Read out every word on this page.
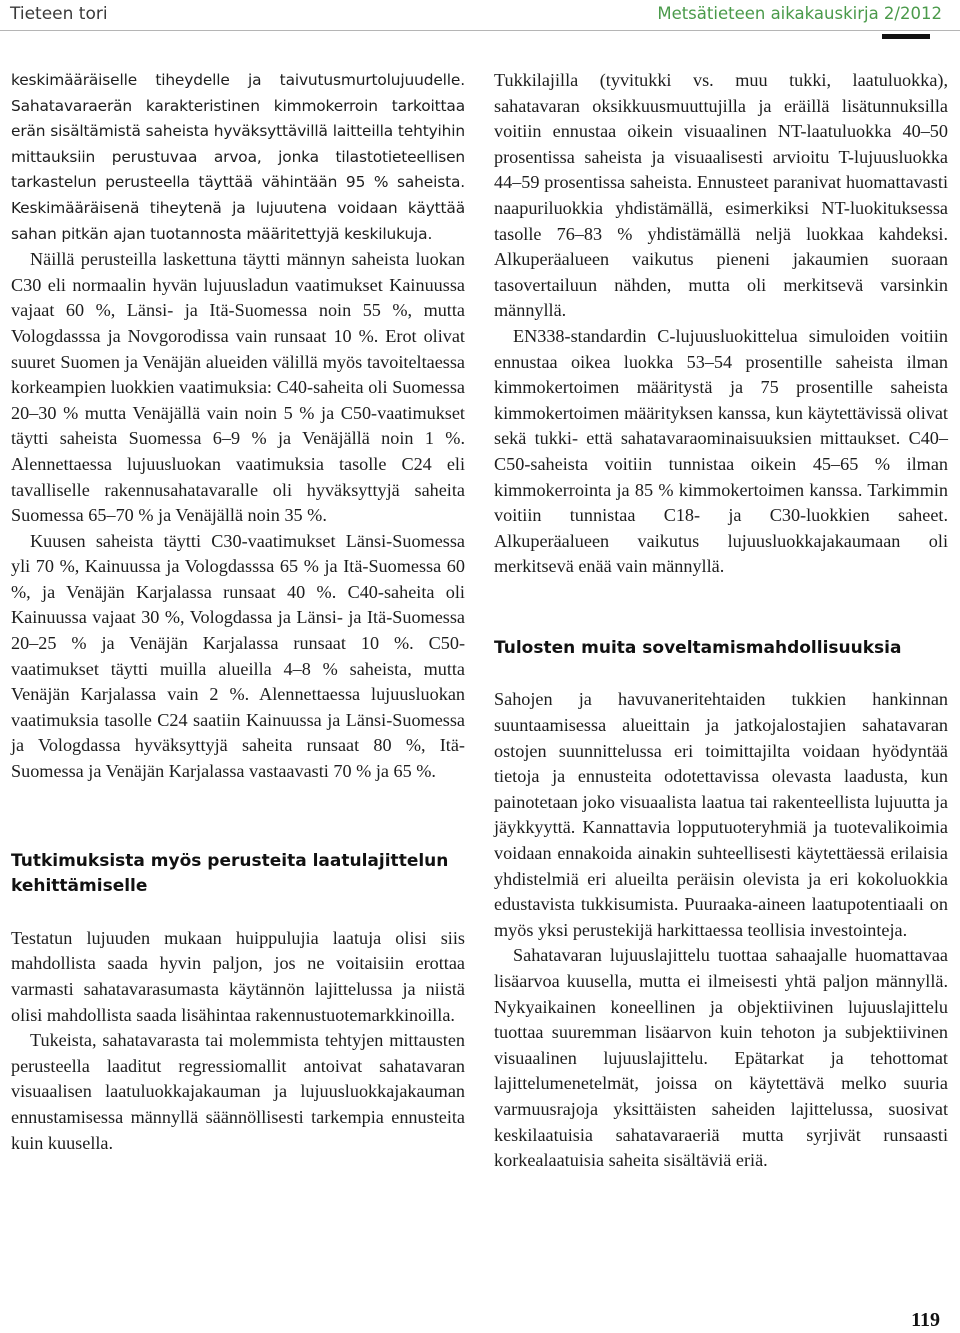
Tieteen tori	Metsätieteen aikakauskirja 2/2012

keskimääräiselle tiheydelle ja taivutusmurtolujuudelle. Sahatavaraerän karakteristinen kimmokerroin tarkoittaa erän sisältämistä saheista hyväksyttävillä laitteilla tehtyihin mittauksiin perustuvaa arvoa, jonka tilastotieteellisen tarkastelun perusteella täyttää vähintään 95 % saheista. Keskimääräisenä tiheytenä ja lujuutena voidaan käyttää sahan pitkän ajan tuotannosta määritettyjä keskilukuja.

Näillä perusteilla laskettuna täytti männyn saheista luokan C30 eli normaalin hyvän lujuusladun vaatimukset Kainuussa vajaat 60 %, Länsi- ja Itä-Suomessa noin 55 %, mutta Vologdasssa ja Novgorodissa vain runsaat 10 %. Erot olivat suuret Suomen ja Venäjän alueiden välillä myös tavoiteltaessa korkeampien luokkien vaatimuksia: C40-saheita oli Suomessa 20–30 % mutta Venäjällä vain noin 5 % ja C50-vaatimukset täytti saheista Suomessa 6–9 % ja Venäjällä noin 1 %. Alennettaessa lujuusluokan vaatimuksia tasolle C24 eli tavalliselle rakennusahatavaralle oli hyväksyttyjä saheita Suomessa 65–70 % ja Venäjällä noin 35 %.

Kuusen saheista täytti C30-vaatimukset Länsi-Suomessa yli 70 %, Kainuussa ja Vologdasssa 65 % ja Itä-Suomessa 60 %, ja Venäjän Karjalassa runsaat 40 %. C40-saheita oli Kainuussa vajaat 30 %, Vologdassa ja Länsi- ja Itä-Suomessa 20–25 % ja Venäjän Karjalassa runsaat 10 %. C50-vaatimukset täytti muilla alueilla 4–8 % saheista, mutta Venäjän Karjalassa vain 2 %. Alennettaessa lujuusluokan vaatimuksia tasolle C24 saatiin Kainuussa ja Länsi-Suomessa ja Vologdassa hyväksyttyjä saheita runsaat 80 %, Itä-Suomessa ja Venäjän Karjalassa vastaavasti 70 % ja 65 %.

Tutkimuksista myös perusteita laatulajittelun kehittämiselle

Testatun lujuuden mukaan huippulujia laatuja olisi siis mahdollista saada hyvin paljon, jos ne voitaisiin erottaa varmasti sahatavarasumasta käytännön lajittelussa ja niistä olisi mahdollista saada lisähintaa rakennustuotemarkkinoilla.

Tukeista, sahatavarasta tai molemmista tehtyjen mittausten perusteella laaditut regressiomallit antoivat sahatavaran visuaalisen laatuluokkajakauman ja lujuusluokkajakauman ennustamisessa männyllä säännöllisesti tarkempia ennusteita kuin kuusella.

Tukkilajilla (tyvitukki vs. muu tukki, laatuluokka), sahatavaran oksikkuusmuuttujilla ja eräillä lisätunnuksilla voitiin ennustaa oikein visuaalinen NT-laatuluokka 40–50 prosentissa saheista ja visuaalisesti arvioitu T-lujuusluokka 44–59 prosentissa saheista. Ennusteet paranivat huomattavasti naapuriluokkia yhdistämällä, esimerkiksi NT-luokituksessa tasolle 76–83 % yhdistämällä neljä luokkaa kahdeksi. Alkuperäalueen vaikutus pieneni jakaumien suoraan tasovertailuun nähden, mutta oli merkitsevä varsinkin männyllä.

EN338-standardin C-lujuusluokittelua simuloiden voitiin ennustaa oikea luokka 53–54 prosentille saheista ilman kimmokertoimen määritystä ja 75 prosentille saheista kimmokertoimen määrityksen kanssa, kun käytettävissä olivat sekä tukki- että sahatavaraominaisuuksien mittaukset. C40–C50-saheista voitiin tunnistaa oikein 45–65 % ilman kimmokerrointa ja 85 % kimmokertoimen kanssa. Tarkimmin voitiin tunnistaa C18- ja C30-luokkien saheet. Alkuperäalueen vaikutus lujuusluokkajakaumaan oli merkitsevä enää vain männyllä.

Tulosten muita soveltamismahdollisuuksia

Sahojen ja havuvaneritehtaiden tukkien hankinnan suuntaamisessa alueittain ja jatkojalostajien sahatavaran ostojen suunnittelussa eri toimittajilta voidaan hyödyntää tietoja ja ennusteita odotettavissa olevasta laadusta, kun painotetaan joko visuaalista laatua tai rakenteellista lujuutta ja jäykkyyttä. Kannattavia lopputuoteryhmiä ja tuotevalikoimia voidaan ennakoida ainakin suhteellisesti käytettäessä erilaisia yhdistelmiä eri alueilta peräisin olevista ja eri kokoluokkia edustavista tukkisumista. Puuraaka-aineen laatupotentiaali on myös yksi perustekijä harkittaessa teollisia investointeja.

Sahatavaran lujuuslajittelu tuottaa sahaajalle huomattavaa lisäarvoa kuusella, mutta ei ilmeisesti yhtä paljon männyllä. Nykyaikainen koneellinen ja objektiivinen lujuuslajittelu tuottaa suuremman lisäarvon kuin tehoton ja subjektiivinen visuaalinen lujuuslajittelu. Epätarkat ja tehottomat lajittelumenetelmät, joissa on käytettävä melko suuria varmuusrajoja yksittäisten saheiden lajittelussa, suosivat keskilaatuisia sahatavaraeriä mutta syrjivät runsaasti korkealaatuisia saheita sisältäviä eriä.

119
